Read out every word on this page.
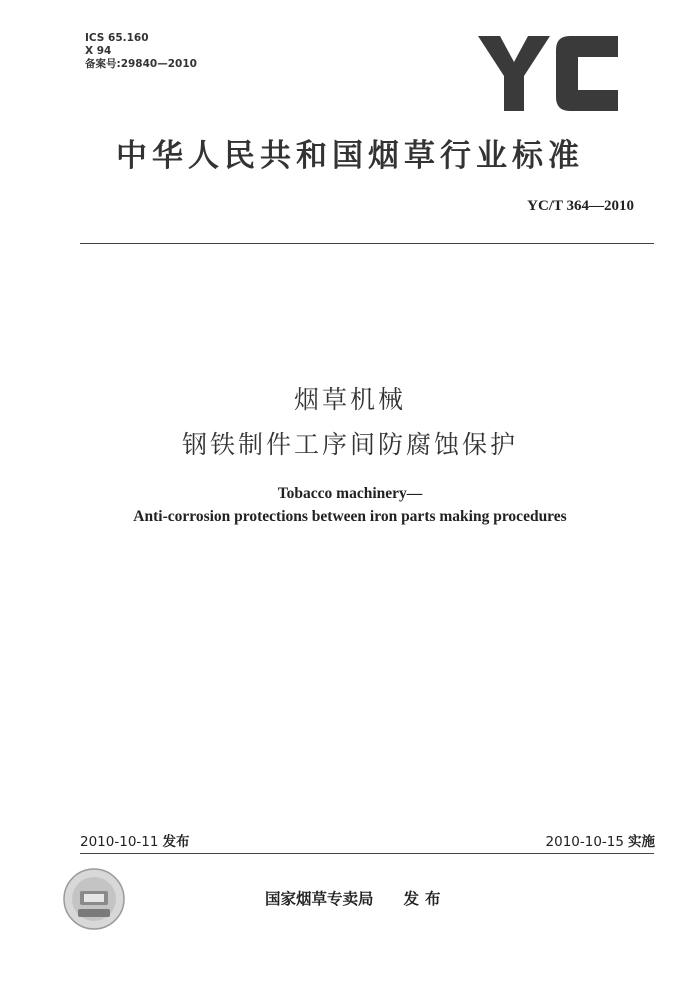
ICS 65.160
X 94
备案号:29840—2010
中华人民共和国烟草行业标准
YC/T 364—2010
烟草机械
钢铁制件工序间防腐蚀保护
Tobacco machinery—
Anti-corrosion protections between iron parts making procedures
2010-10-11 发布	2010-10-15 实施
国家烟草专卖局 发布
